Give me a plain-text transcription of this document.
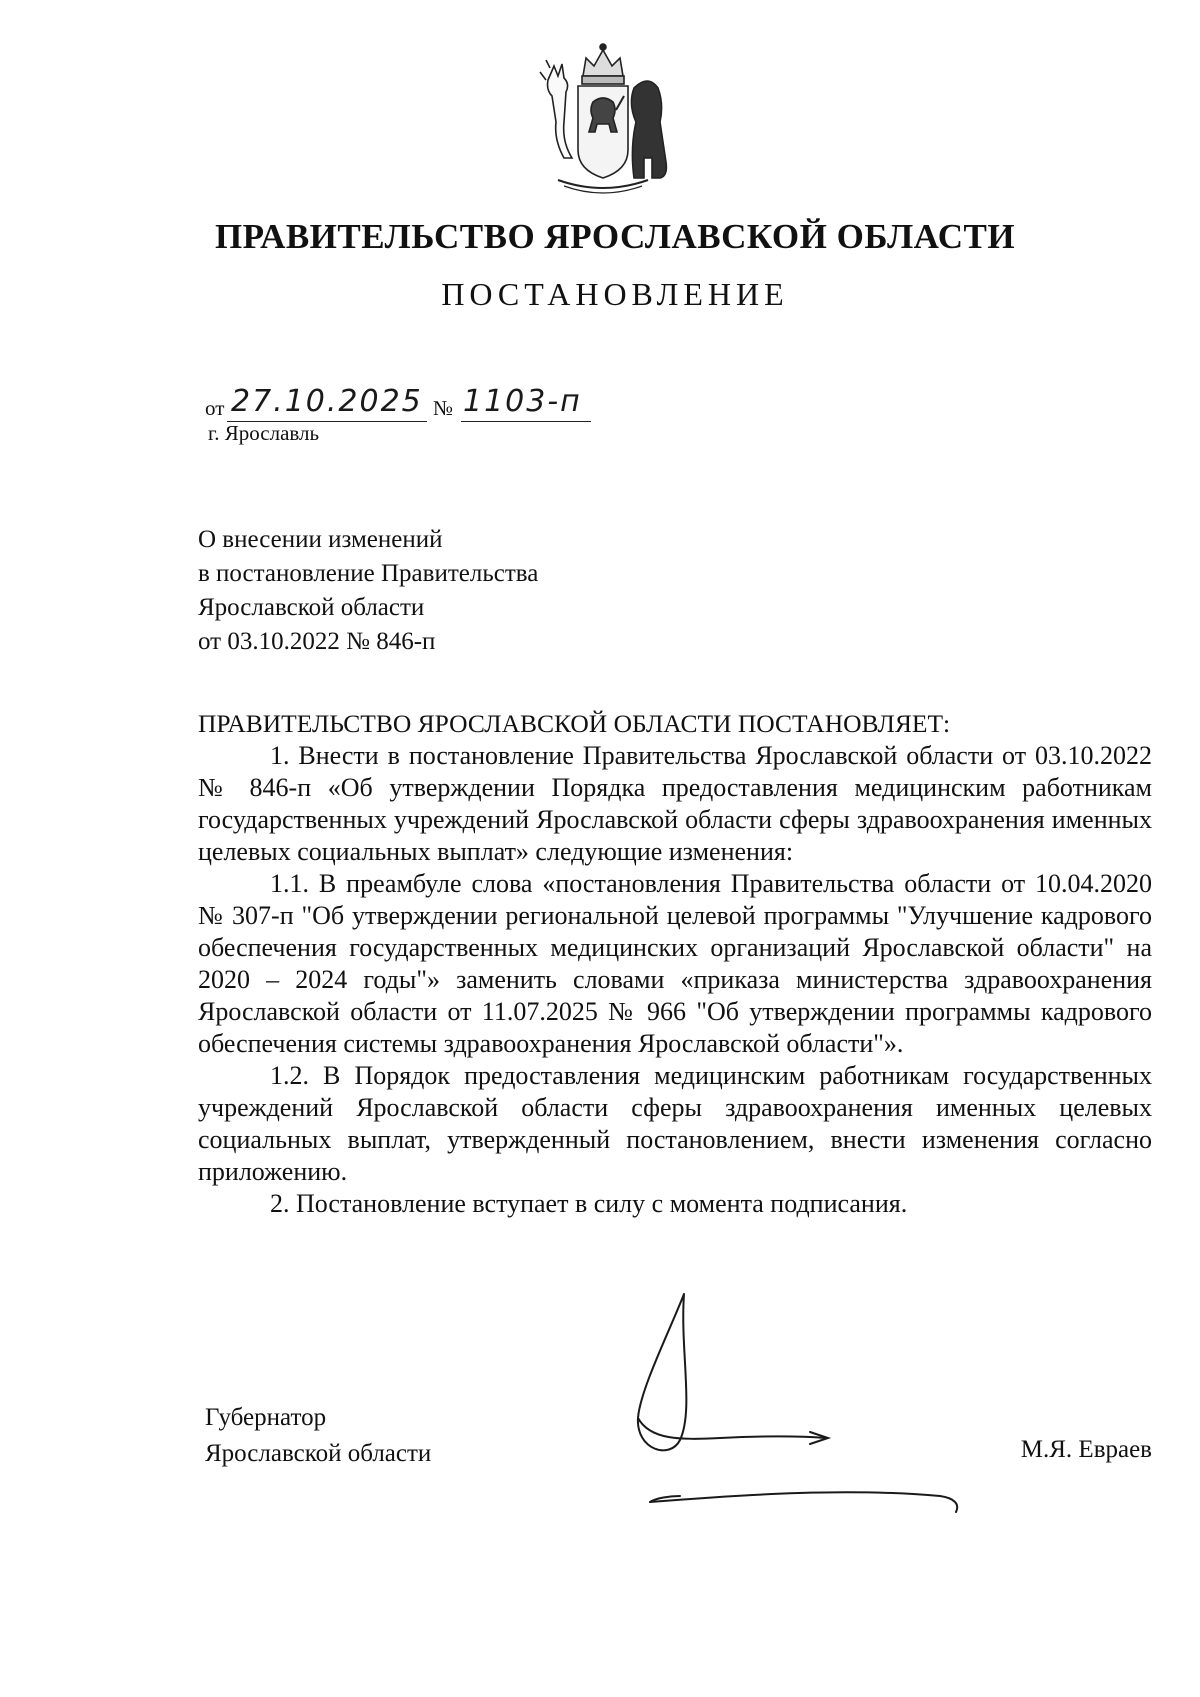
ПРАВИТЕЛЬСТВО ЯРОСЛАВСКОЙ ОБЛАСТИ
ПОСТАНОВЛЕНИЕ
от 27.10.2025 № 1103-п
г. Ярославль
О внесении изменений
в постановление Правительства
Ярославской области
от 03.10.2022 № 846-п

ПРАВИТЕЛЬСТВО ЯРОСЛАВСКОЙ ОБЛАСТИ ПОСТАНОВЛЯЕТ:

1. Внести в постановление Правительства Ярославской области от 03.10.2022 № 846-п «Об утверждении Порядка предоставления медицинским работникам государственных учреждений Ярославской области сферы здравоохранения именных целевых социальных выплат» следующие изменения:

1.1. В преамбуле слова «постановления Правительства области от 10.04.2020 № 307-п "Об утверждении региональной целевой программы "Улучшение кадрового обеспечения государственных медицинских организаций Ярославской области" на 2020 – 2024 годы"» заменить словами «приказа министерства здравоохранения Ярославской области от 11.07.2025 № 966 "Об утверждении программы кадрового обеспечения системы здравоохранения Ярославской области"».

1.2. В Порядок предоставления медицинским работникам государственных учреждений Ярославской области сферы здравоохранения именных целевых социальных выплат, утвержденный постановлением, внести изменения согласно приложению.

2. Постановление вступает в силу с момента подписания.

Губернатор
Ярославской области	М.Я. Евраев
